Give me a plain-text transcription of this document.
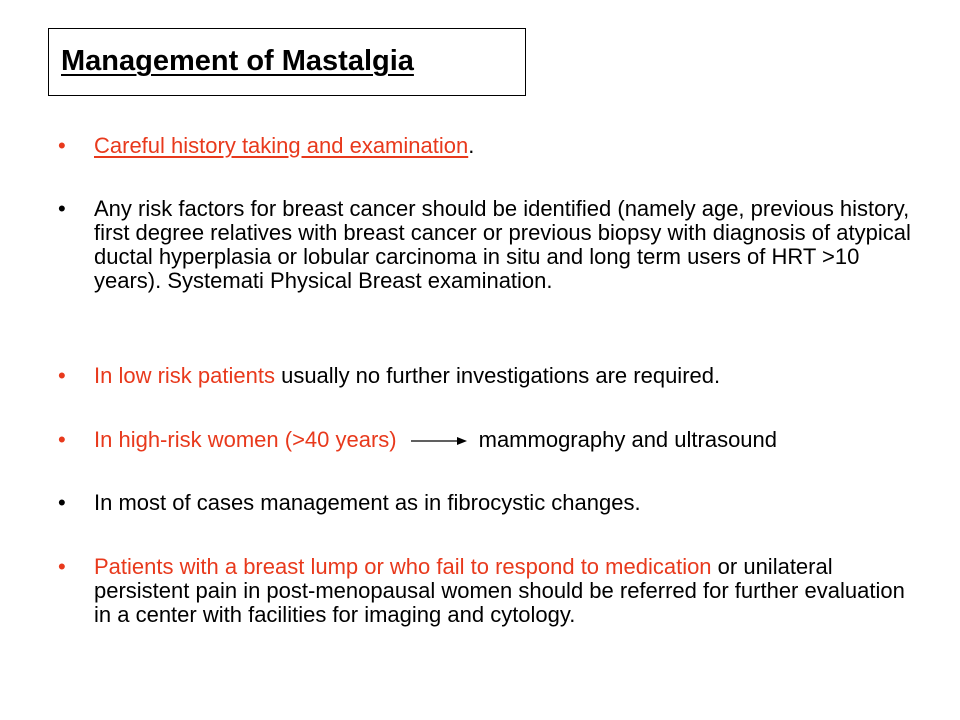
Management of Mastalgia
• Careful history taking and examination.
• Any risk factors for breast cancer should be identified (namely age, previous history, first degree relatives with breast cancer or previous biopsy with diagnosis of atypical ductal hyperplasia or lobular carcinoma in situ and long term users of HRT >10 years). Systemati Physical Breast examination.
• In low risk patients usually no further investigations are required.
• In high-risk women (>40 years)	mammography and ultrasound
• In most of cases management as in fibrocystic changes.
• Patients with a breast lump or who fail to respond to medication or unilateral persistent pain in post-menopausal women should be referred for further evaluation in a center with facilities for imaging and cytology.
